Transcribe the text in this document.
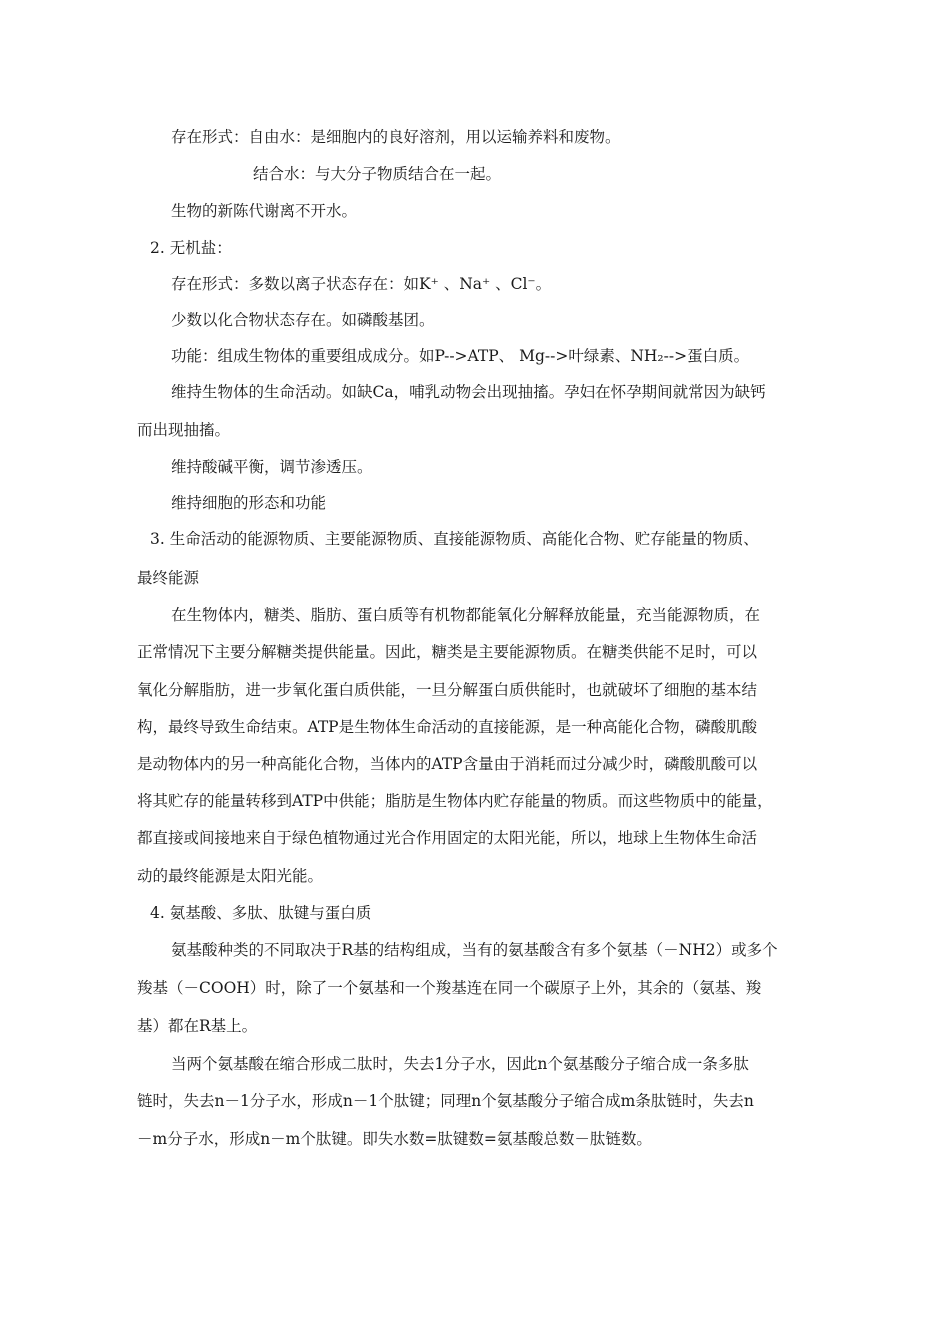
存在形式：自由水：是细胞内的良好溶剂，用以运输养料和废物。
结合水：与大分子物质结合在一起。
生物的新陈代谢离不开水。
2. 无机盐：
存在形式：多数以离子状态存在：如K⁺ 、Na⁺ 、Cl⁻。
少数以化合物状态存在。如磷酸基团。
功能：组成生物体的重要组成成分。如P-->ATP、 Mg-->叶绿素、NH₂-->蛋白质。
维持生物体的生命活动。如缺Ca，哺乳动物会出现抽搐。孕妇在怀孕期间就常因为缺钙
而出现抽搐。
维持酸碱平衡，调节渗透压。
维持细胞的形态和功能
3. 生命活动的能源物质、主要能源物质、直接能源物质、高能化合物、贮存能量的物质、
最终能源
在生物体内，糖类、脂肪、蛋白质等有机物都能氧化分解释放能量，充当能源物质，在
正常情况下主要分解糖类提供能量。因此，糖类是主要能源物质。在糖类供能不足时，可以
氧化分解脂肪，进一步氧化蛋白质供能，一旦分解蛋白质供能时，也就破坏了细胞的基本结
构，最终导致生命结束。ATP是生物体生命活动的直接能源，是一种高能化合物，磷酸肌酸
是动物体内的另一种高能化合物，当体内的ATP含量由于消耗而过分减少时，磷酸肌酸可以
将其贮存的能量转移到ATP中供能；脂肪是生物体内贮存能量的物质。而这些物质中的能量，
都直接或间接地来自于绿色植物通过光合作用固定的太阳光能，所以，地球上生物体生命活
动的最终能源是太阳光能。
4. 氨基酸、多肽、肽键与蛋白质
氨基酸种类的不同取决于R基的结构组成，当有的氨基酸含有多个氨基（－NH2）或多个
羧基（－COOH）时，除了一个氨基和一个羧基连在同一个碳原子上外，其余的（氨基、羧
基）都在R基上。
当两个氨基酸在缩合形成二肽时，失去1分子水，因此n个氨基酸分子缩合成一条多肽
链时，失去n－1分子水，形成n－1个肽键；同理n个氨基酸分子缩合成m条肽链时，失去n
－m分子水，形成n－m个肽键。即失水数=肽键数=氨基酸总数－肽链数。
